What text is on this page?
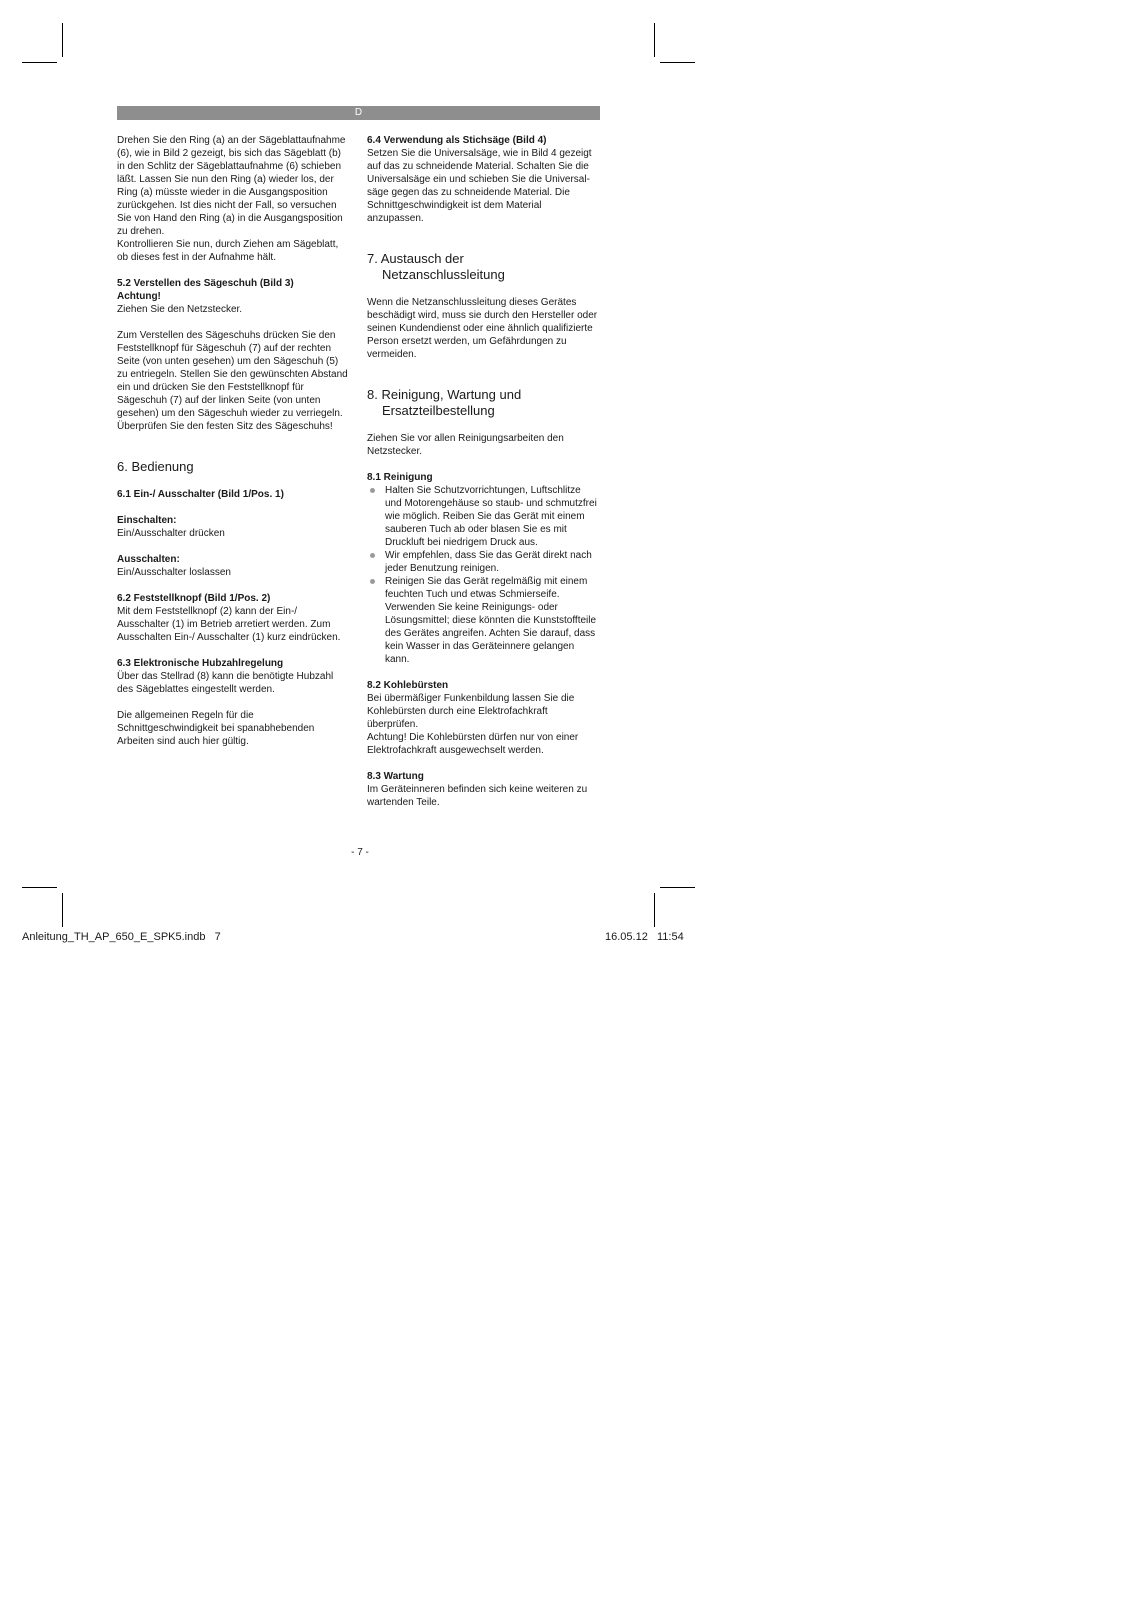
D

Drehen Sie den Ring (a) an der Sägeblattaufnahme (6), wie in Bild 2 gezeigt, bis sich das Sägeblatt (b) in den Schlitz der Sägeblattaufnahme (6) schieben läßt. Lassen Sie nun den Ring (a) wieder los, der Ring (a) müsste wieder in die Ausgangsposition zurückgehen. Ist dies nicht der Fall, so versuchen Sie von Hand den Ring (a) in die Ausgangsposition zu drehen.

Kontrollieren Sie nun, durch Ziehen am Sägeblatt, ob dieses fest in der Aufnahme hält.

5.2 Verstellen des Sägeschuh (Bild 3)

Achtung!

Ziehen Sie den Netzstecker.

Zum Verstellen des Sägeschuhs drücken Sie den Feststellknopf für Sägeschuh (7) auf der rechten Seite (von unten gesehen) um den Sägeschuh (5) zu entriegeln. Stellen Sie den gewünschten Abstand ein und drücken Sie den Feststellknopf für Sägeschuh (7) auf der linken Seite (von unten gesehen) um den Sägeschuh wieder zu verriegeln. Überprüfen Sie den festen Sitz des Sägeschuhs!

6. Bedienung

6.1 Ein-/ Ausschalter (Bild 1/Pos. 1)

Einschalten:

Ein/Ausschalter drücken

Ausschalten:

Ein/Ausschalter loslassen

6.2 Feststellknopf (Bild 1/Pos. 2)

Mit dem Feststellknopf (2) kann der Ein-/ Ausschalter (1) im Betrieb arretiert werden. Zum Ausschalten Ein-/ Ausschalter (1) kurz eindrücken.

6.3 Elektronische Hubzahlregelung

Über das Stellrad (8) kann die benötigte Hubzahl des Sägeblattes eingestellt werden.

Die allgemeinen Regeln für die Schnittgeschwindigkeit bei spanabhebenden Arbeiten sind auch hier gültig.

6.4 Verwendung als Stichsäge (Bild 4)

Setzen Sie die Universalsäge, wie in Bild 4 gezeigt auf das zu schneidende Material. Schalten Sie die Universalsäge ein und schieben Sie die Universal-säge gegen das zu schneidende Material. Die Schnittgeschwindigkeit ist dem Material anzupassen.

7. Austausch der
Netzanschlussleitung

Wenn die Netzanschlussleitung dieses Gerätes beschädigt wird, muss sie durch den Hersteller oder seinen Kundendienst oder eine ähnlich qualifizierte Person ersetzt werden, um Gefährdungen zu vermeiden.

8. Reinigung, Wartung und
Ersatzteilbestellung

Ziehen Sie vor allen Reinigungsarbeiten den Netzstecker.

8.1 Reinigung

Halten Sie Schutzvorrichtungen, Luftschlitze und Motorengehäuse so staub- und schmutzfrei wie möglich. Reiben Sie das Gerät mit einem sauberen Tuch ab oder blasen Sie es mit Druckluft bei niedrigem Druck aus.
Wir empfehlen, dass Sie das Gerät direkt nach jeder Benutzung reinigen.
Reinigen Sie das Gerät regelmäßig mit einem feuchten Tuch und etwas Schmierseife. Verwenden Sie keine Reinigungs- oder Lösungsmittel; diese könnten die Kunststoffteile des Gerätes angreifen. Achten Sie darauf, dass kein Wasser in das Geräteinnere gelangen kann.

8.2 Kohlebürsten

Bei übermäßiger Funkenbildung lassen Sie die Kohlebürsten durch eine Elektrofachkraft überprüfen.

Achtung! Die Kohlebürsten dürfen nur von einer Elektrofachkraft ausgewechselt werden.

8.3 Wartung

Im Geräteinneren befinden sich keine weiteren zu wartenden Teile.

- 7 -
Anleitung_TH_AP_650_E_SPK5.indb   7	16.05.12   11:54
